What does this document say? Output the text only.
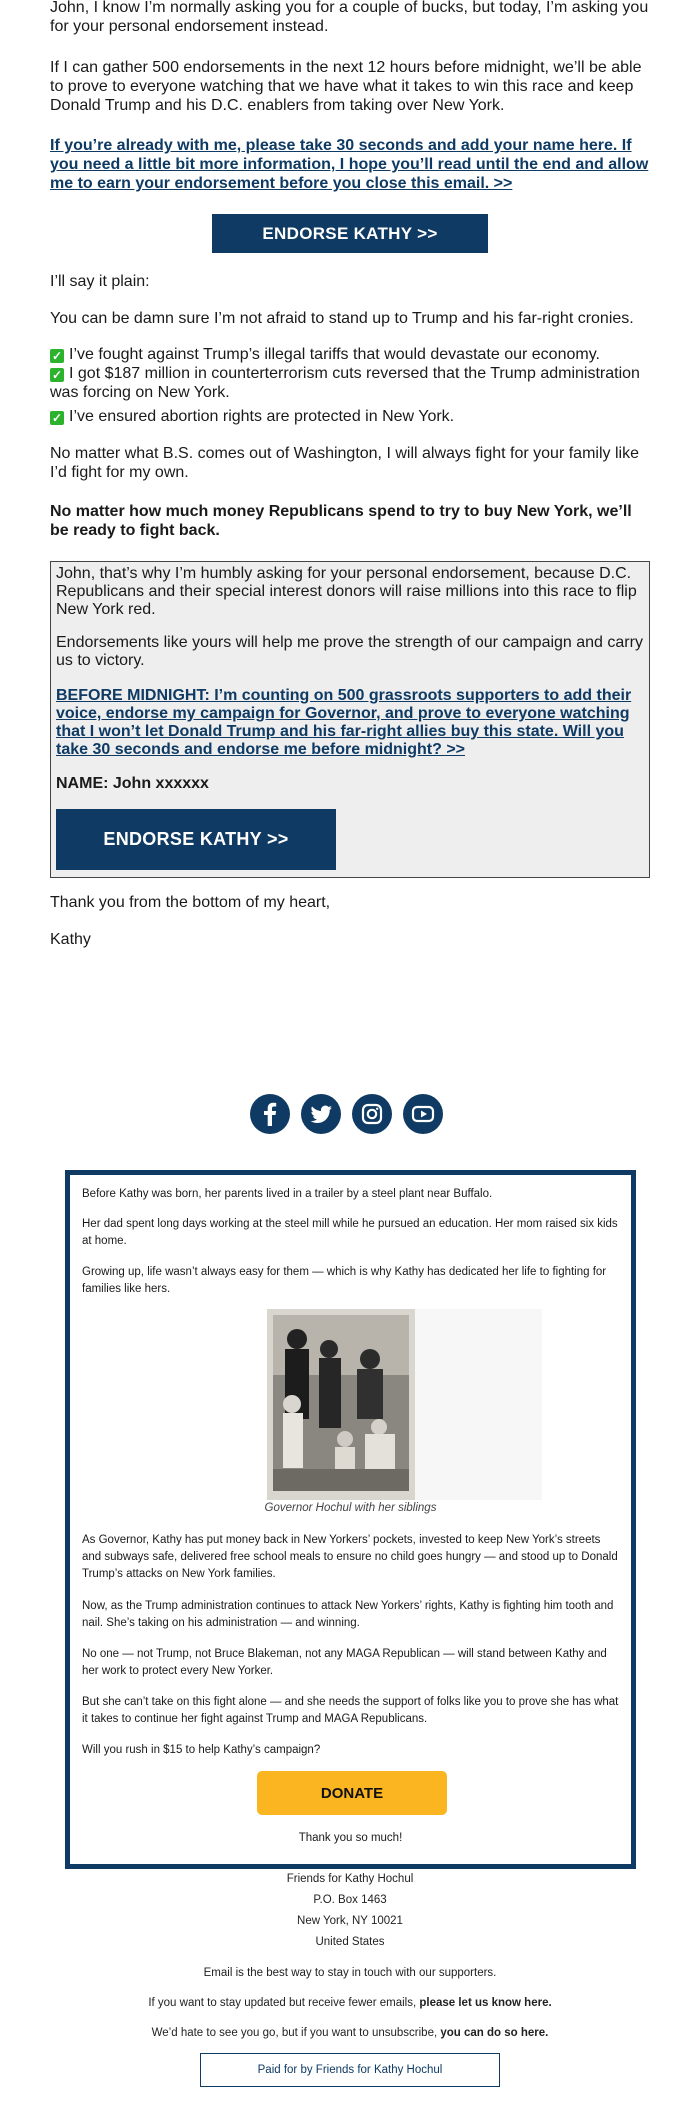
John, I know I’m normally asking you for a couple of bucks, but today, I’m asking you for your personal endorsement instead.

If I can gather 500 endorsements in the next 12 hours before midnight, we’ll be able to prove to everyone watching that we have what it takes to win this race and keep Donald Trump and his D.C. enablers from taking over New York.

If you’re already with me, please take 30 seconds and add your name here. If you need a little bit more information, I hope you’ll read until the end and allow me to earn your endorsement before you close this email. >>

ENDORSE KATHY >>

I’ll say it plain:

You can be damn sure I’m not afraid to stand up to Trump and his far-right cronies.

✓ I’ve fought against Trump’s illegal tariffs that would devastate our economy.

✓ I got $187 million in counterterrorism cuts reversed that the Trump administration was forcing on New York.

✓ I’ve ensured abortion rights are protected in New York.

No matter what B.S. comes out of Washington, I will always fight for your family like I’d fight for my own.

No matter how much money Republicans spend to try to buy New York, we’ll be ready to fight back.

John, that’s why I’m humbly asking for your personal endorsement, because D.C. Republicans and their special interest donors will raise millions into this race to flip New York red.

Endorsements like yours will help me prove the strength of our campaign and carry us to victory.

BEFORE MIDNIGHT: I’m counting on 500 grassroots supporters to add their voice, endorse my campaign for Governor, and prove to everyone watching that I won’t let Donald Trump and his far-right allies buy this state. Will you take 30 seconds and endorse me before midnight? >>

NAME: John xxxxxx

ENDORSE KATHY >>

Thank you from the bottom of my heart,

Kathy

Before Kathy was born, her parents lived in a trailer by a steel plant near Buffalo.

Her dad spent long days working at the steel mill while he pursued an education. Her mom raised six kids at home.

Growing up, life wasn’t always easy for them — which is why Kathy has dedicated her life to fighting for families like hers.

Governor Hochul with her siblings

As Governor, Kathy has put money back in New Yorkers’ pockets, invested to keep New York’s streets and subways safe, delivered free school meals to ensure no child goes hungry — and stood up to Donald Trump’s attacks on New York families.

Now, as the Trump administration continues to attack New Yorkers’ rights, Kathy is fighting him tooth and nail. She’s taking on his administration — and winning.

No one — not Trump, not Bruce Blakeman, not any MAGA Republican — will stand between Kathy and her work to protect every New Yorker.

But she can’t take on this fight alone — and she needs the support of folks like you to prove she has what it takes to continue her fight against Trump and MAGA Republicans.

Will you rush in $15 to help Kathy’s campaign?

DONATE

Thank you so much!

Friends for Kathy Hochul

P.O. Box 1463

New York, NY 10021

United States

Email is the best way to stay in touch with our supporters.

If you want to stay updated but receive fewer emails, please let us know here.

We’d hate to see you go, but if you want to unsubscribe, you can do so here.

Paid for by Friends for Kathy Hochul
